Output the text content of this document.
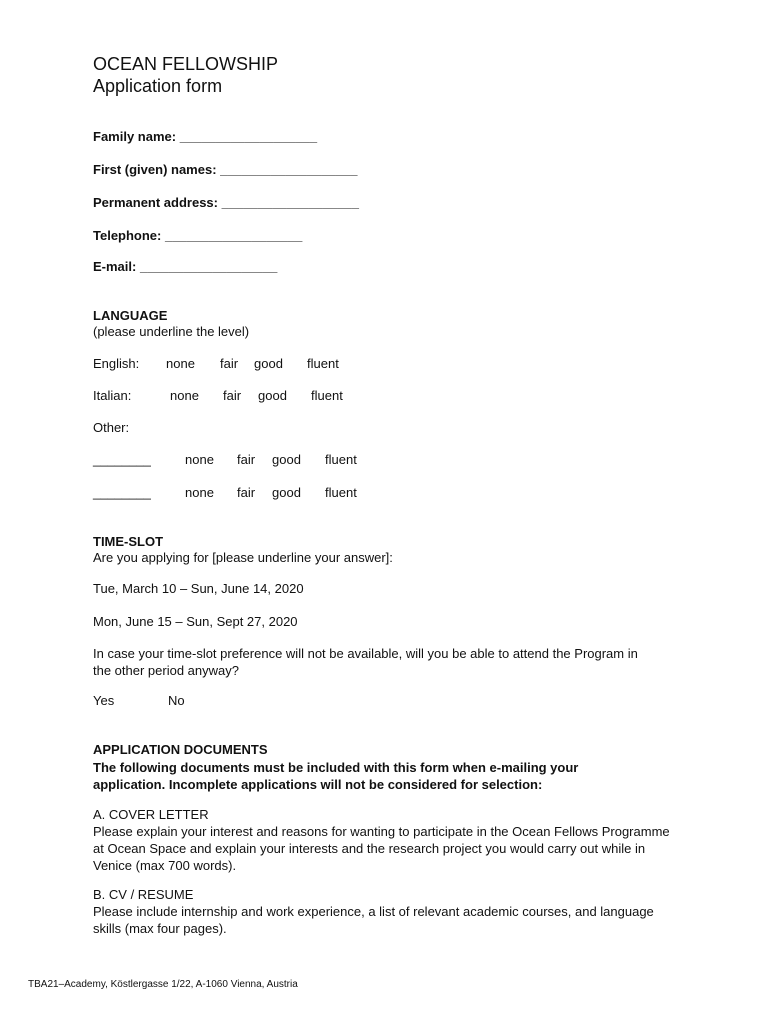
OCEAN FELLOWSHIP
Application form
Family name: ___________________
First (given) names: ___________________
Permanent address: ___________________
Telephone: ___________________
E-mail: ___________________
LANGUAGE
(please underline the level)
English: none fair good fluent
Italian:	none fair good fluent
Other:
________	none fair good fluent
________	none fair good fluent
TIME-SLOT
Are you applying for [please underline your answer]:
Tue, March 10 – Sun, June 14, 2020
Mon, June 15 – Sun, Sept 27, 2020
In case your time-slot preference will not be available, will you be able to attend the Program in the other period anyway?
Yes	No
APPLICATION DOCUMENTS
The following documents must be included with this form when e-mailing your application. Incomplete applications will not be considered for selection:
A. COVER LETTER
Please explain your interest and reasons for wanting to participate in the Ocean Fellows Programme at Ocean Space and explain your interests and the research project you would carry out while in Venice (max 700 words).
B. CV / RESUME
Please include internship and work experience, a list of relevant academic courses, and language skills (max four pages).
TBA21–Academy, Köstlergasse 1/22, A-1060 Vienna, Austria
